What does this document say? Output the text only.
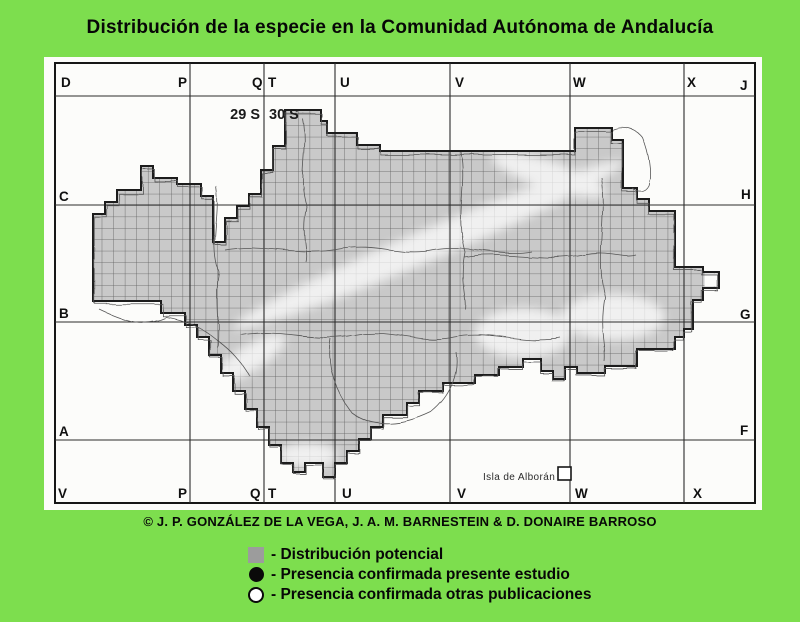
Distribución de la especie en la Comunidad Autónoma de Andalucía
29 S 30 S
D	P	Q T	U	V	W	X	J
C
B
A
H
G
F
V	P	Q T	U	V	W	X
Isla de Alborán
© J. P. GONZÁLEZ DE LA VEGA, J. A. M. BARNESTEIN & D. DONAIRE BARROSO
- Distribución potencial
- Presencia confirmada presente estudio
- Presencia confirmada otras publicaciones
